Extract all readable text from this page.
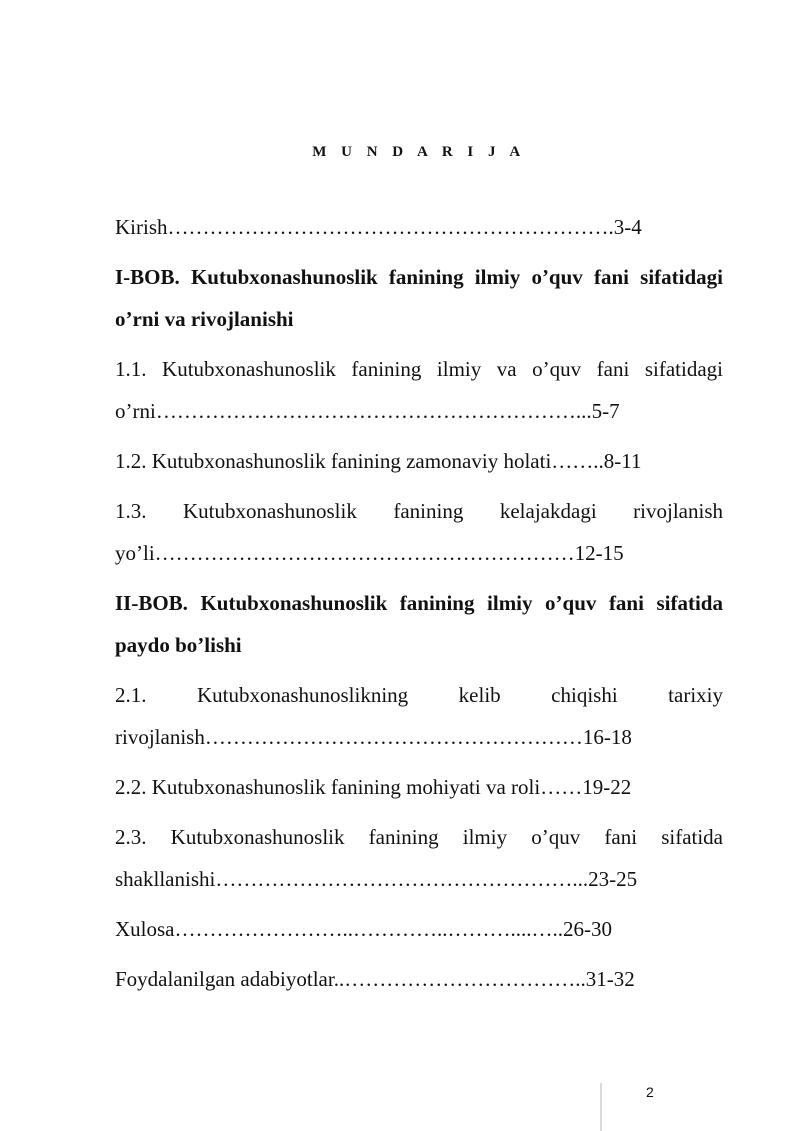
M U N D A R I J A

Kirish……………………………………………………….3-4

I-BOB. Kutubxonashunoslik fanining ilmiy o’quv fani sifatidagi o’rni va rivojlanishi

1.1. Kutubxonashunoslik fanining ilmiy va o’quv fani sifatidagi o’rni……………………………………………………...5-7

1.2. Kutubxonashunoslik fanining zamonaviy holati……..8-11

1.3. Kutubxonashunoslik fanining kelajakdagi rivojlanish yo’li……………………………………………………12-15

II-BOB. Kutubxonashunoslik fanining ilmiy o’quv fani sifatida paydo bo’lishi

2.1. Kutubxonashunoslikning kelib chiqishi tarixiy rivojlanish………………………………………………16-18

2.2. Kutubxonashunoslik fanining mohiyati va roli……19-22

2.3. Kutubxonashunoslik fanining ilmiy o’quv fani sifatida shakllanishi……………………………………………...23-25

Xulosa……………………..…………..………....…..26-30

Foydalanilgan adabiyotlar..……………………………..31-32

2
